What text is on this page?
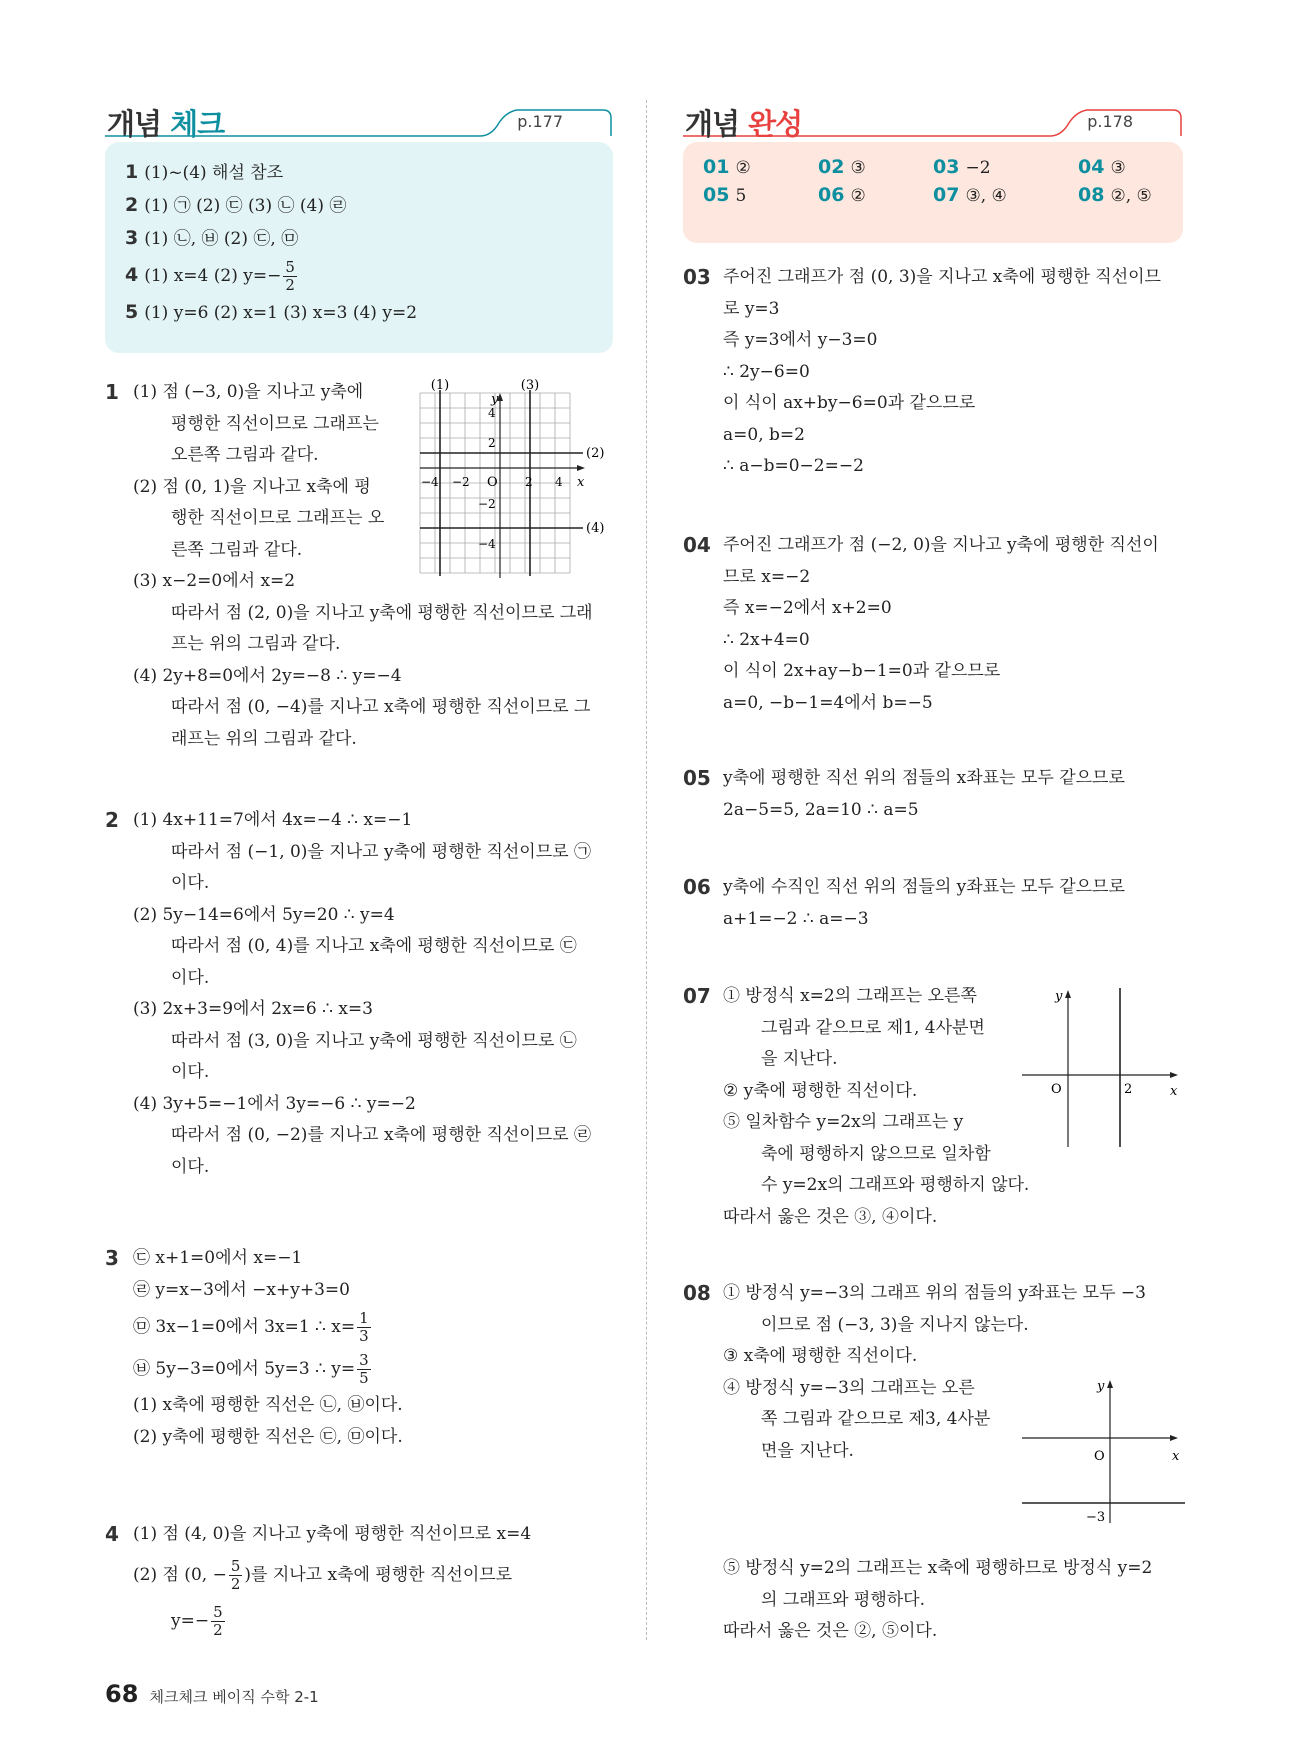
개념 체크	p.177
1 (1)~(4) 해설 참조
2 (1) ㉠ (2) ㉢ (3) ㉡ (4) ㉣
3 (1) ㉡, ㉥ (2) ㉢, ㉤
4 (1) x=4 (2) $y=- \frac{5}{2}$
5 (1) y=6 (2) x=1 (3) x=3 (4) y=2
1 (1) 점 (−3, 0)을 지나고 y축에
평행한 직선이므로 그래프는
오른쪽 그림과 같다.
(2) 점 (0, 1)을 지나고 x축에 평
행한 직선이므로 그래프는 오
른쪽 그림과 같다.
(3) x−2=0에서 x=2
따라서 점 (2, 0)을 지나고 y축에 평행한 직선이므로 그래
프는 위의 그림과 같다.
(4) 2y+8=0에서 2y=−8 ∴ y=−4
따라서 점 (0, −4)를 지나고 x축에 평행한 직선이므로 그
래프는 위의 그림과 같다.
(1)	(3)
(2)
(4)
y
x
O
4
2
−2
−4
−4 −2	2 4
2 (1) 4x+11=7에서 4x=−4 ∴ x=−1
따라서 점 (−1, 0)을 지나고 y축에 평행한 직선이므로 ㉠
이다.
(2) 5y−14=6에서 5y=20 ∴ y=4
따라서 점 (0, 4)를 지나고 x축에 평행한 직선이므로 ㉢
이다.
(3) 2x+3=9에서 2x=6 ∴ x=3
따라서 점 (3, 0)을 지나고 y축에 평행한 직선이므로 ㉡
이다.
(4) 3y+5=−1에서 3y=−6 ∴ y=−2
따라서 점 (0, −2)를 지나고 x축에 평행한 직선이므로 ㉣
이다.
3 ㉢ x+1=0에서 x=−1
㉣ y=x−3에서 −x+y+3=0
㉤ 3x−1=0에서 3x=1 ∴ $x= \frac{1}{3}$
㉥ 5y−3=0에서 5y=3 ∴ $y= \frac{3}{5}$
(1) x축에 평행한 직선은 ㉡, ㉥이다.
(2) y축에 평행한 직선은 ㉢, ㉤이다.
4 (1) 점 (4, 0)을 지나고 y축에 평행한 직선이므로 x=4
(2) 점 (0, − $\frac{5}{2}$ )를 지나고 x축에 평행한 직선이므로
$y=- \frac{5}{2}$
개념 완성	p.178
01 ②	02 ③	03 −2	04 ③
05 5	06 ②	07 ③, ④	08 ②, ⑤
03 주어진 그래프가 점 (0, 3)을 지나고 x축에 평행한 직선이므
로 y=3
즉 y=3에서 y−3=0
∴ 2y−6=0
이 식이 ax+by−6=0과 같으므로
a=0, b=2
∴ a−b=0−2=−2
04 주어진 그래프가 점 (−2, 0)을 지나고 y축에 평행한 직선이
므로 x=−2
즉 x=−2에서 x+2=0
∴ 2x+4=0
이 식이 2x+ay−b−1=0과 같으므로
a=0, −b−1=4에서 b=−5
05 y축에 평행한 직선 위의 점들의 x좌표는 모두 같으므로
2a−5=5, 2a=10 ∴ a=5
06 y축에 수직인 직선 위의 점들의 y좌표는 모두 같으므로
a+1=−2 ∴ a=−3
07 ① 방정식 x=2의 그래프는 오른쪽
그림과 같으므로 제1, 4사분면
을 지난다.
② y축에 평행한 직선이다.
⑤ 일차함수 y=2x의 그래프는 y
축에 평행하지 않으므로 일차함
수 y=2x의 그래프와 평행하지 않다.
따라서 옳은 것은 ③, ④이다.
y
x
O	2
08 ① 방정식 y=−3의 그래프 위의 점들의 y좌표는 모두 −3
이므로 점 (−3, 3)을 지나지 않는다.
③ x축에 평행한 직선이다.
④ 방정식 y=−3의 그래프는 오른
쪽 그림과 같으므로 제3, 4사분
면을 지난다.
y
x
O
−3
⑤ 방정식 y=2의 그래프는 x축에 평행하므로 방정식 y=2
의 그래프와 평행하다.
따라서 옳은 것은 ②, ⑤이다.
68 체크체크 베이직 수학 2-1
